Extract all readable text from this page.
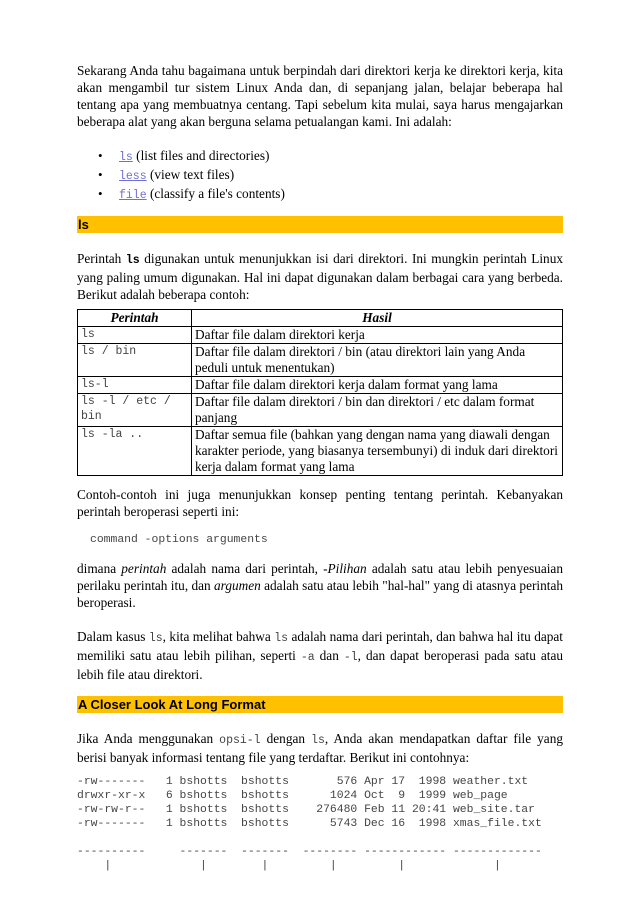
Sekarang Anda tahu bagaimana untuk berpindah dari direktori kerja ke direktori kerja, kita akan mengambil tur sistem Linux Anda dan, di sepanjang jalan, belajar beberapa hal tentang apa yang membuatnya centang. Tapi sebelum kita mulai, saya harus mengajarkan beberapa alat yang akan berguna selama petualangan kami. Ini adalah:

• ls (list files and directories)
• less (view text files)
• file (classify a file's contents)
ls

Perintah ls digunakan untuk menunjukkan isi dari direktori. Ini mungkin perintah Linux yang paling umum digunakan. Hal ini dapat digunakan dalam berbagai cara yang berbeda. Berikut adalah beberapa contoh:

Perintah	Hasil
ls	Daftar file dalam direktori kerja
ls / bin	Daftar file dalam direktori / bin (atau direktori lain yang Anda peduli untuk menentukan)
ls-l	Daftar file dalam direktori kerja dalam format yang lama
ls -l / etc / bin	Daftar file dalam direktori / bin dan direktori / etc dalam format panjang
ls -la ..	Daftar semua file (bahkan yang dengan nama yang diawali dengan karakter periode, yang biasanya tersembunyi) di induk dari direktori kerja dalam format yang lama

Contoh-contoh ini juga menunjukkan konsep penting tentang perintah. Kebanyakan perintah beroperasi seperti ini:

command -options arguments

dimana perintah adalah nama dari perintah, -Pilihan adalah satu atau lebih penyesuaian perilaku perintah itu, dan argumen adalah satu atau lebih "hal-hal" yang di atasnya perintah beroperasi.

Dalam kasus ls, kita melihat bahwa ls adalah nama dari perintah, dan bahwa hal itu dapat memiliki satu atau lebih pilihan, seperti -a dan -l, dan dapat beroperasi pada satu atau lebih file atau direktori.

A Closer Look At Long Format

Jika Anda menggunakan opsi-l dengan ls, Anda akan mendapatkan daftar file yang berisi banyak informasi tentang file yang terdaftar. Berikut ini contohnya:

-rw-------   1 bshotts  bshotts       576 Apr 17  1998 weather.txt
drwxr-xr-x   6 bshotts  bshotts      1024 Oct  9  1999 web_page
-rw-rw-r--   1 bshotts  bshotts    276480 Feb 11 20:41 web_site.tar
-rw-------   1 bshotts  bshotts      5743 Dec 16  1998 xmas_file.txt

----------     -------  -------  -------- ------------ -------------
|             |        |         |         |             |
